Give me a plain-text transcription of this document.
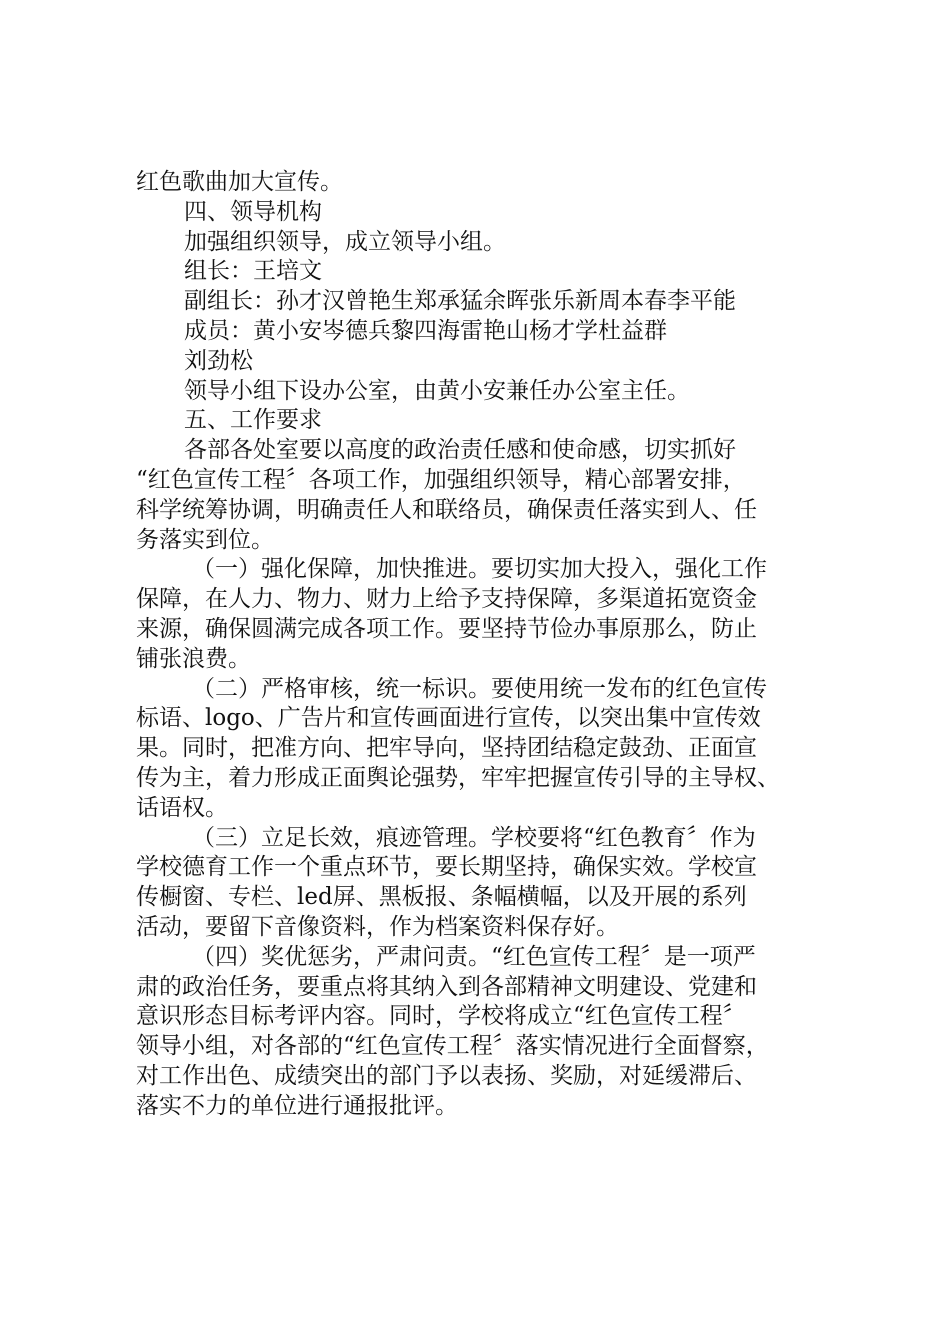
红色歌曲加大宣传。
四、领导机构
加强组织领导，成立领导小组。
组长：王培文
副组长：孙才汉曾艳生郑承猛余晖张乐新周本春李平能
成员：黄小安岑德兵黎四海雷艳山杨才学杜益群
刘劲松
领导小组下设办公室，由黄小安兼任办公室主任。
五、工作要求
各部各处室要以高度的政治责任感和使命感，切实抓好
“红色宣传工程〞各项工作，加强组织领导，精心部署安排，
科学统筹协调，明确责任人和联络员，确保责任落实到人、任
务落实到位。
（一）强化保障，加快推进。要切实加大投入，强化工作
保障，在人力、物力、财力上给予支持保障，多渠道拓宽资金
来源，确保圆满完成各项工作。要坚持节俭办事原那么，防止
铺张浪费。
（二）严格审核，统一标识。要使用统一发布的红色宣传
标语、logo、广告片和宣传画面进行宣传，以突出集中宣传效
果。同时，把准方向、把牢导向，坚持团结稳定鼓劲、正面宣
传为主，着力形成正面舆论强势，牢牢把握宣传引导的主导权、
话语权。
（三）立足长效，痕迹管理。学校要将“红色教育〞作为
学校德育工作一个重点环节，要长期坚持，确保实效。学校宣
传橱窗、专栏、led屏、黑板报、条幅横幅，以及开展的系列
活动，要留下音像资料，作为档案资料保存好。
（四）奖优惩劣，严肃问责。“红色宣传工程〞是一项严
肃的政治任务，要重点将其纳入到各部精神文明建设、党建和
意识形态目标考评内容。同时，学校将成立“红色宣传工程〞
领导小组，对各部的“红色宣传工程〞落实情况进行全面督察，
对工作出色、成绩突出的部门予以表扬、奖励，对延缓滞后、
落实不力的单位进行通报批评。
